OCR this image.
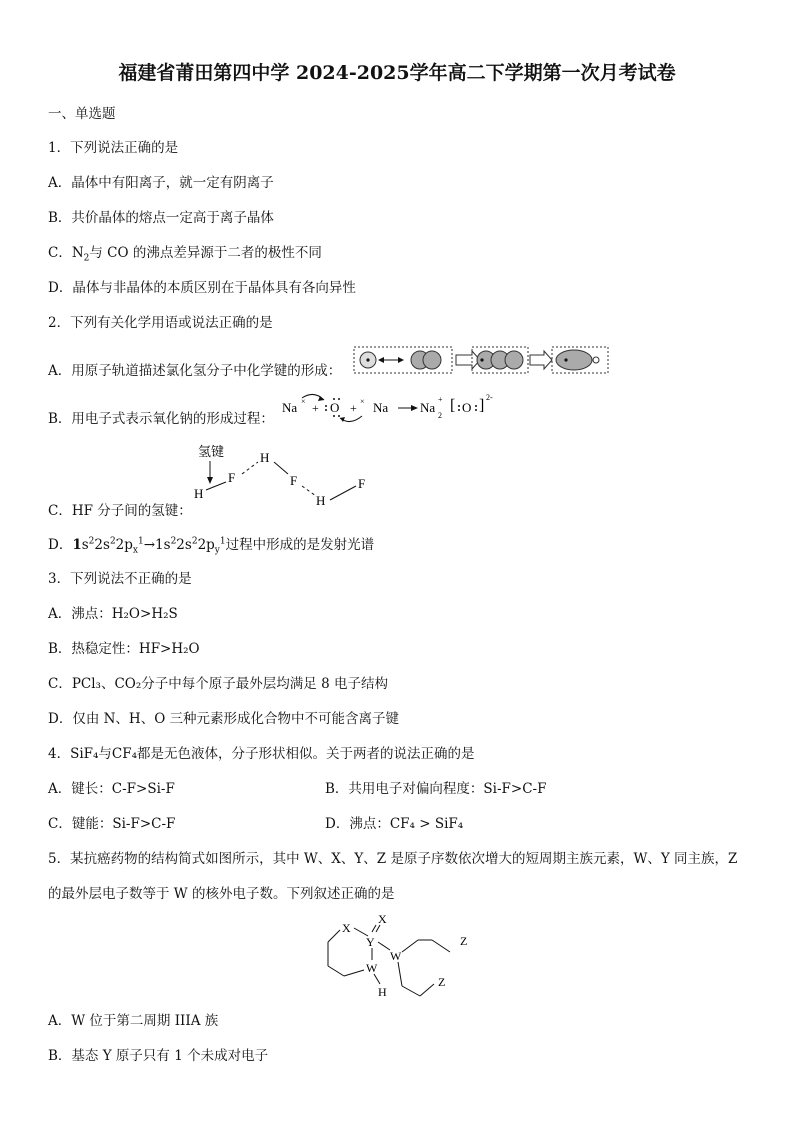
福建省莆田第四中学 2024-2025学年高二下学期第一次月考试卷
一、单选题
1．下列说法正确的是
A．晶体中有阳离子，就一定有阴离子
B．共价晶体的熔点一定高于离子晶体
C．$N_2$与 CO 的沸点差异源于二者的极性不同
D．晶体与非晶体的本质区别在于晶体具有各向异性
2．下列有关化学用语或说法正确的是
A．用原子轨道描述氯化氢分子中化学键的形成：
B．用电子式表示氧化钠的形成过程：
Na × + O + × Na Na
+
2
[ O ] 2-
C．HF 分子间的氢键：
氢键
H
F
H
F
H
F
D．$1s^22s^22p_x^1\to 1s^22s^22p_y^1$过程中形成的是发射光谱
3．下列说法不正确的是
A．沸点：H₂O>H₂S
B．热稳定性：HF>H₂O
C．PCl₃、CO₂分子中每个原子最外层均满足 8 电子结构
D．仅由 N、H、O 三种元素形成化合物中不可能含离子键
4．SiF₄与CF₄都是无色液体，分子形状相似。关于两者的说法正确的是
A．键长：C-F>Si-F	B．共用电子对偏向程度：Si-F>C-F
C．键能：Si-F>C-F	D．沸点：CF₄ > SiF₄
5．某抗癌药物的结构简式如图所示，其中 W、X、Y、Z 是原子序数依次增大的短周期主族元素，W、Y 同主族，Z
的最外层电子数等于 W 的核外电子数。下列叙述正确的是
X
X
Y
W
W
H
Z
Z
A．W 位于第二周期 IIIA 族
B．基态 Y 原子只有 1 个未成对电子
